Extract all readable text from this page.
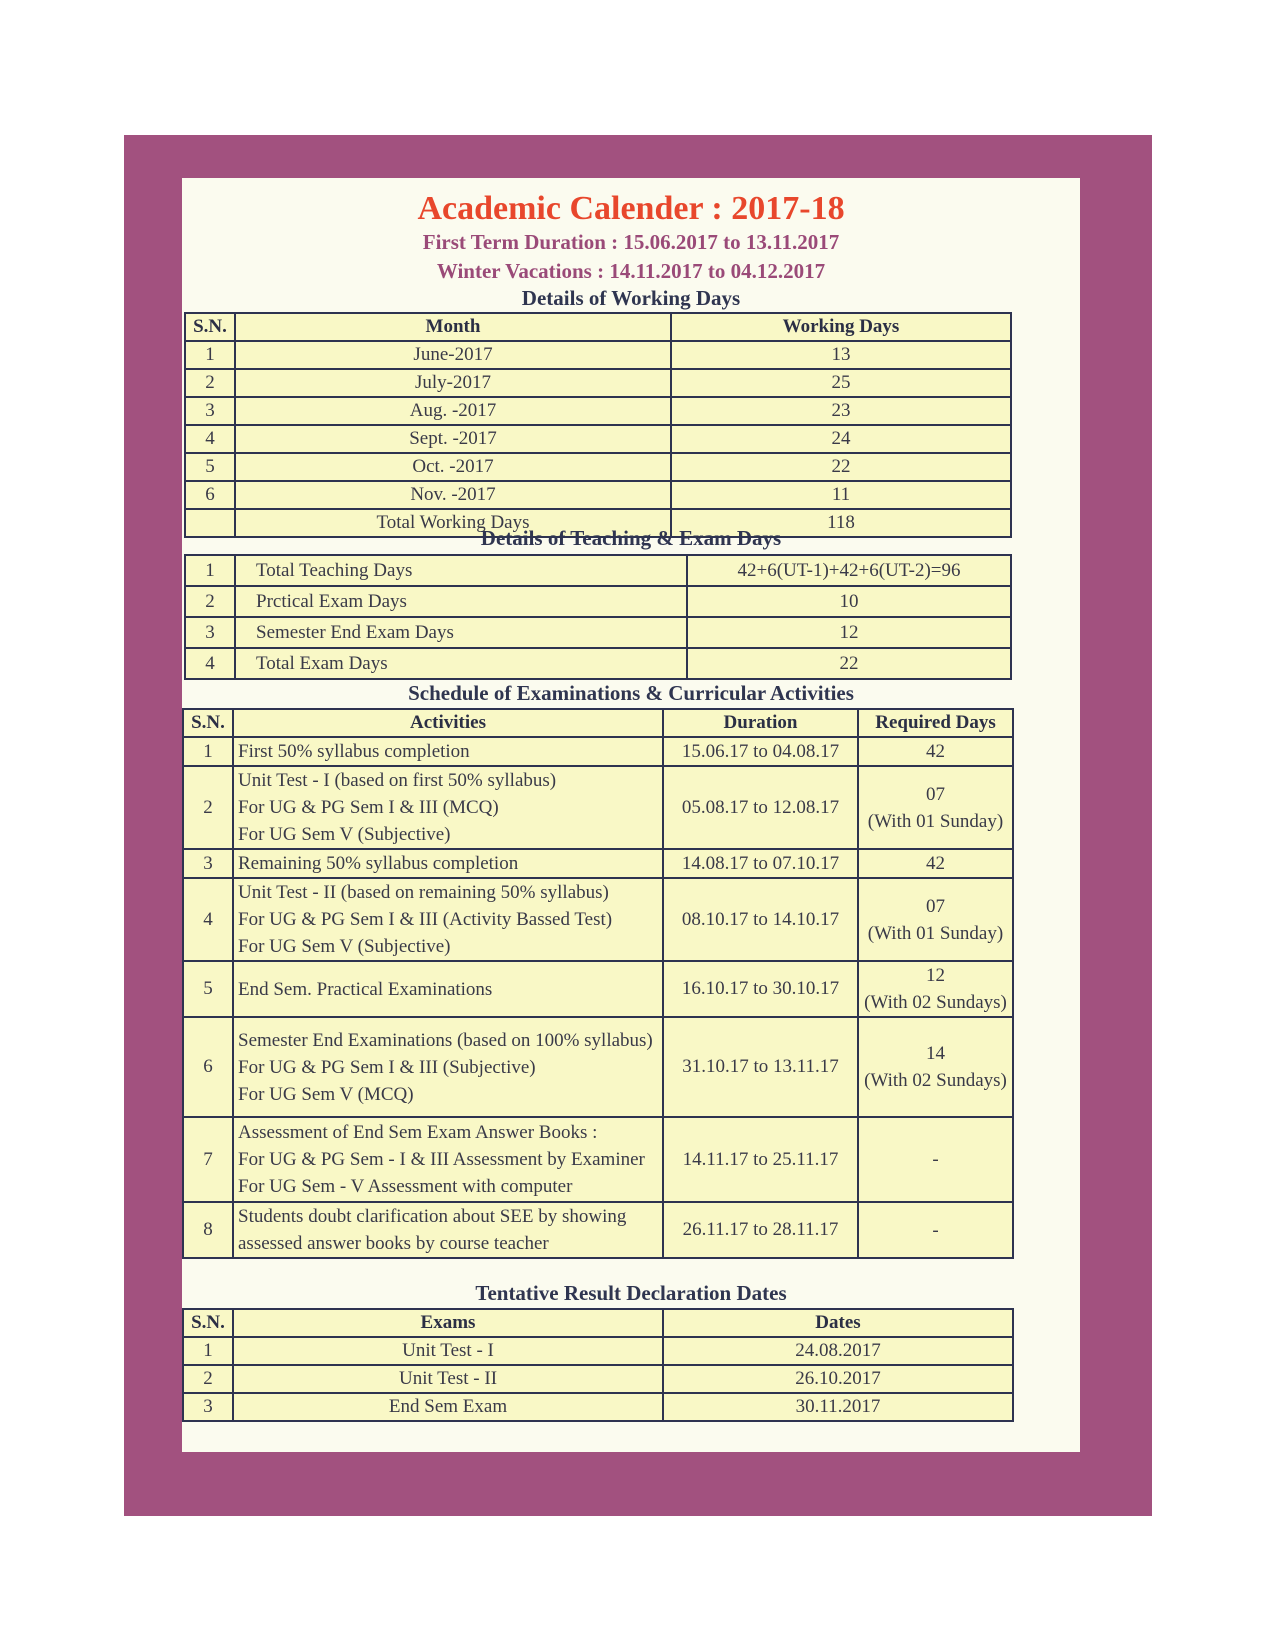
Academic Calender : 2017-18
First Term Duration : 15.06.2017 to 13.11.2017
Winter Vacations : 14.11.2017 to 04.12.2017
Details of Working Days
S.N.	Month	Working Days
1	June-2017	13
2	July-2017	25
3	Aug. -2017	23
4	Sept. -2017	24
5	Oct. -2017	22
6	Nov. -2017	11
	Total Working Days	118
Details of Teaching & Exam Days
1	Total Teaching Days	42+6(UT-1)+42+6(UT-2)=96
2	Prctical Exam Days	10
3	Semester End Exam Days	12
4	Total Exam Days	22
Schedule of Examinations & Curricular Activities
S.N.	Activities	Duration	Required Days
1	First 50% syllabus completion	15.06.17 to 04.08.17	42

2	Unit Test - I (based on first 50% syllabus)
For UG & PG Sem I & III (MCQ)
For UG Sem V (Subjective)	05.08.17 to 12.08.17	07
(With 01 Sunday)

3	Remaining 50% syllabus completion	14.08.17 to 07.10.17	42

4	Unit Test - II (based on remaining 50% syllabus)
For UG & PG Sem I & III (Activity Bassed Test)
For UG Sem V (Subjective)	08.10.17 to 14.10.17	07
(With 01 Sunday)

5	End Sem. Practical Examinations	16.10.17 to 30.10.17	12
(With 02 Sundays)

6	Semester End Examinations (based on 100% syllabus)
For UG & PG Sem I & III (Subjective)
For UG Sem V (MCQ)	31.10.17 to 13.11.17	14
(With 02 Sundays)

7	Assessment of End Sem Exam Answer Books :
For UG & PG Sem - I & III Assessment by Examiner
For UG Sem - V Assessment with computer	14.11.17 to 25.11.17	-

8	Students doubt clarification about SEE by showing
assessed answer books by course teacher	26.11.17 to 28.11.17	-
Tentative Result Declaration Dates
S.N.	Exams	Dates
1	Unit Test - I	24.08.2017
2	Unit Test - II	26.10.2017
3	End Sem Exam	30.11.2017
